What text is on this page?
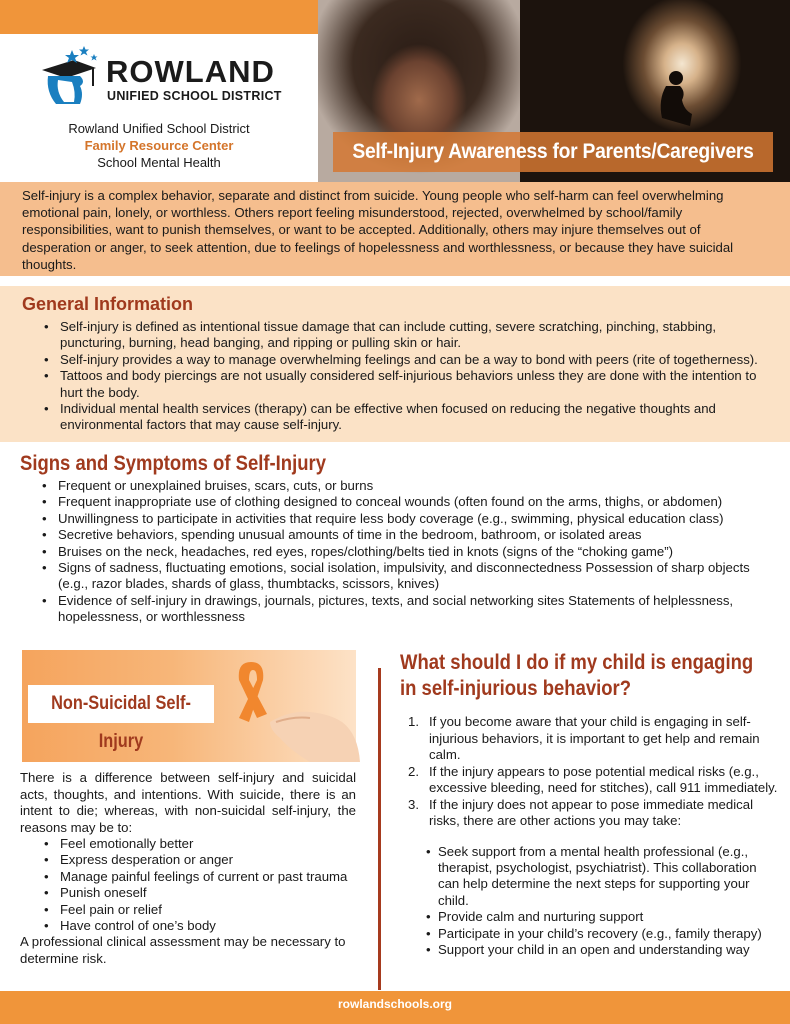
ROWLAND
UNIFIED SCHOOL DISTRICT
Rowland Unified School District
Family Resource Center
School Mental Health	Self-Injury Awareness for Parents/Caregivers
Self-injury is a complex behavior, separate and distinct from suicide. Young people who self-harm can feel overwhelming emotional pain, lonely, or worthless. Others report feeling misunderstood, rejected, overwhelmed by school/family responsibilities, want to punish themselves, or want to be accepted. Additionally, others may injure themselves out of desperation or anger, to seek attention, due to feelings of hopelessness and worthlessness, or because they have suicidal thoughts.
General Information
• Self-injury is defined as intentional tissue damage that can include cutting, severe scratching, pinching, stabbing, puncturing, burning, head banging, and ripping or pulling skin or hair.
• Self-injury provides a way to manage overwhelming feelings and can be a way to bond with peers (rite of togetherness).
• Tattoos and body piercings are not usually considered self-injurious behaviors unless they are done with the intention to hurt the body.
• Individual mental health services (therapy) can be effective when focused on reducing the negative thoughts and environmental factors that may cause self-injury.
Signs and Symptoms of Self-Injury
• Frequent or unexplained bruises, scars, cuts, or burns
• Frequent inappropriate use of clothing designed to conceal wounds (often found on the arms, thighs, or abdomen)
• Unwillingness to participate in activities that require less body coverage (e.g., swimming, physical education class)
• Secretive behaviors, spending unusual amounts of time in the bedroom, bathroom, or isolated areas
• Bruises on the neck, headaches, red eyes, ropes/clothing/belts tied in knots (signs of the “choking game”)
• Signs of sadness, fluctuating emotions, social isolation, impulsivity, and disconnectedness Possession of sharp objects (e.g., razor blades, shards of glass, thumbtacks, scissors, knives)
• Evidence of self-injury in drawings, journals, pictures, texts, and social networking sites Statements of helplessness, hopelessness, or worthlessness
Non-Suicidal Self-Injury

There is a difference between self-injury and suicidal acts, thoughts, and intentions. With suicide, there is an intent to die; whereas, with non-suicidal self-injury, the reasons may be to:

• Feel emotionally better
• Express desperation or anger
• Manage painful feelings of current or past trauma
• Punish oneself
• Feel pain or relief
• Have control of one’s body

A professional clinical assessment may be necessary to determine risk.

What should I do if my child is engaging in self-injurious behavior?
1. If you become aware that your child is engaging in self-injurious behaviors, it is important to get help and remain calm.
2. If the injury appears to pose potential medical risks (e.g., excessive bleeding, need for stitches), call 911 immediately.
3. If the injury does not appear to pose immediate medical risks, there are other actions you may take:
• Seek support from a mental health professional (e.g., therapist, psychologist, psychiatrist). This collaboration can help determine the next steps for supporting your child.
• Provide calm and nurturing support
• Participate in your child’s recovery (e.g., family therapy)
• Support your child in an open and understanding way
rowlandschools.org
